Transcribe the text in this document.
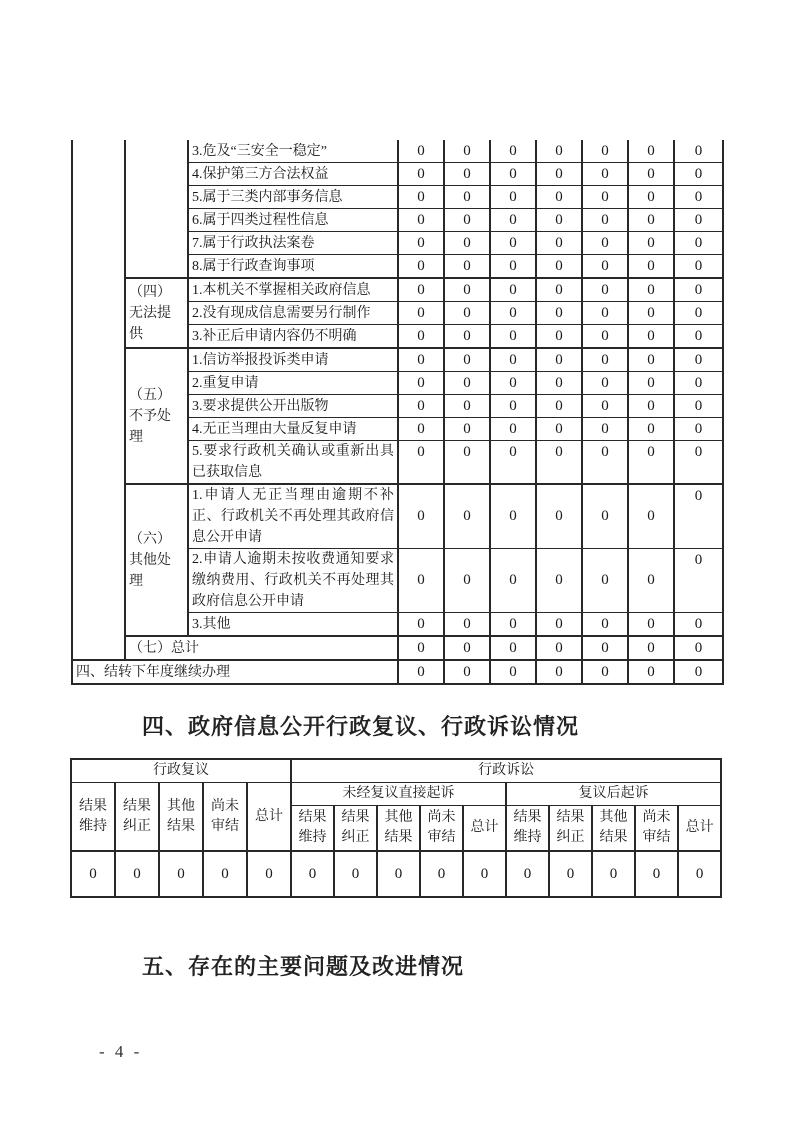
		3.危及“三安全一稳定”	0	0	0	0	0	0	0
		4.保护第三方合法权益	0	0	0	0	0	0	0
		5.属于三类内部事务信息	0	0	0	0	0	0	0
		6.属于四类过程性信息	0	0	0	0	0	0	0
		7.属于行政执法案卷	0	0	0	0	0	0	0
		8.属于行政查询事项	0	0	0	0	0	0	0
	（四）无法提供	1.本机关不掌握相关政府信息	0	0	0	0	0	0	0
		2.没有现成信息需要另行制作	0	0	0	0	0	0	0
		3.补正后申请内容仍不明确	0	0	0	0	0	0	0
	（五）不予处理	1.信访举报投诉类申请	0	0	0	0	0	0	0
		2.重复申请	0	0	0	0	0	0	0
		3.要求提供公开出版物	0	0	0	0	0	0	0
		4.无正当理由大量反复申请	0	0	0	0	0	0	0
		5.要求行政机关确认或重新出具已获取信息	0	0	0	0	0	0	0
	（六）其他处理	1.申请人无正当理由逾期不补正、行政机关不再处理其政府信息公开申请	0	0	0	0	0	0	0
		2.申请人逾期未按收费通知要求缴纳费用、行政机关不再处理其政府信息公开申请	0	0	0	0	0	0	0
		3.其他	0	0	0	0	0	0	0
	（七）总计		0	0	0	0	0	0	0
四、结转下年度继续办理			0	0	0	0	0	0	0
四、政府信息公开行政复议、行政诉讼情况
行政复议					行政诉讼									
结果维持	结果纠正	其他结果	尚未审结	总计	未经复议直接起诉					复议后起诉				
					结果维持	结果纠正	其他结果	尚未审结	总计	结果维持	结果纠正	其他结果	尚未审结	总计
0	0	0	0	0	0	0	0	0	0	0	0	0	0	0
五、存在的主要问题及改进情况
- 4 -
